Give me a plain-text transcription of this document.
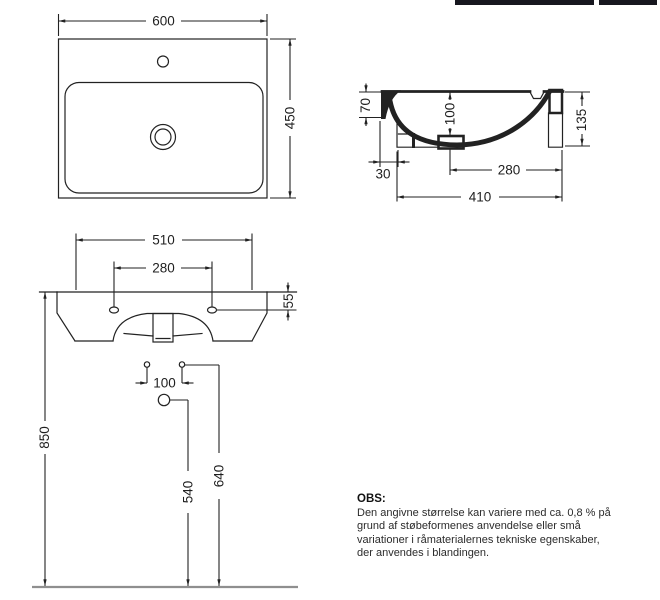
600
450
70	100	135
30	280
410
510
280
55
850
100
540
640
OBS:
Den angivne størrelse kan variere med ca. 0,8 % på
grund af støbeformenes anvendelse eller små
variationer i råmaterialernes tekniske egenskaber,
der anvendes i blandingen.
